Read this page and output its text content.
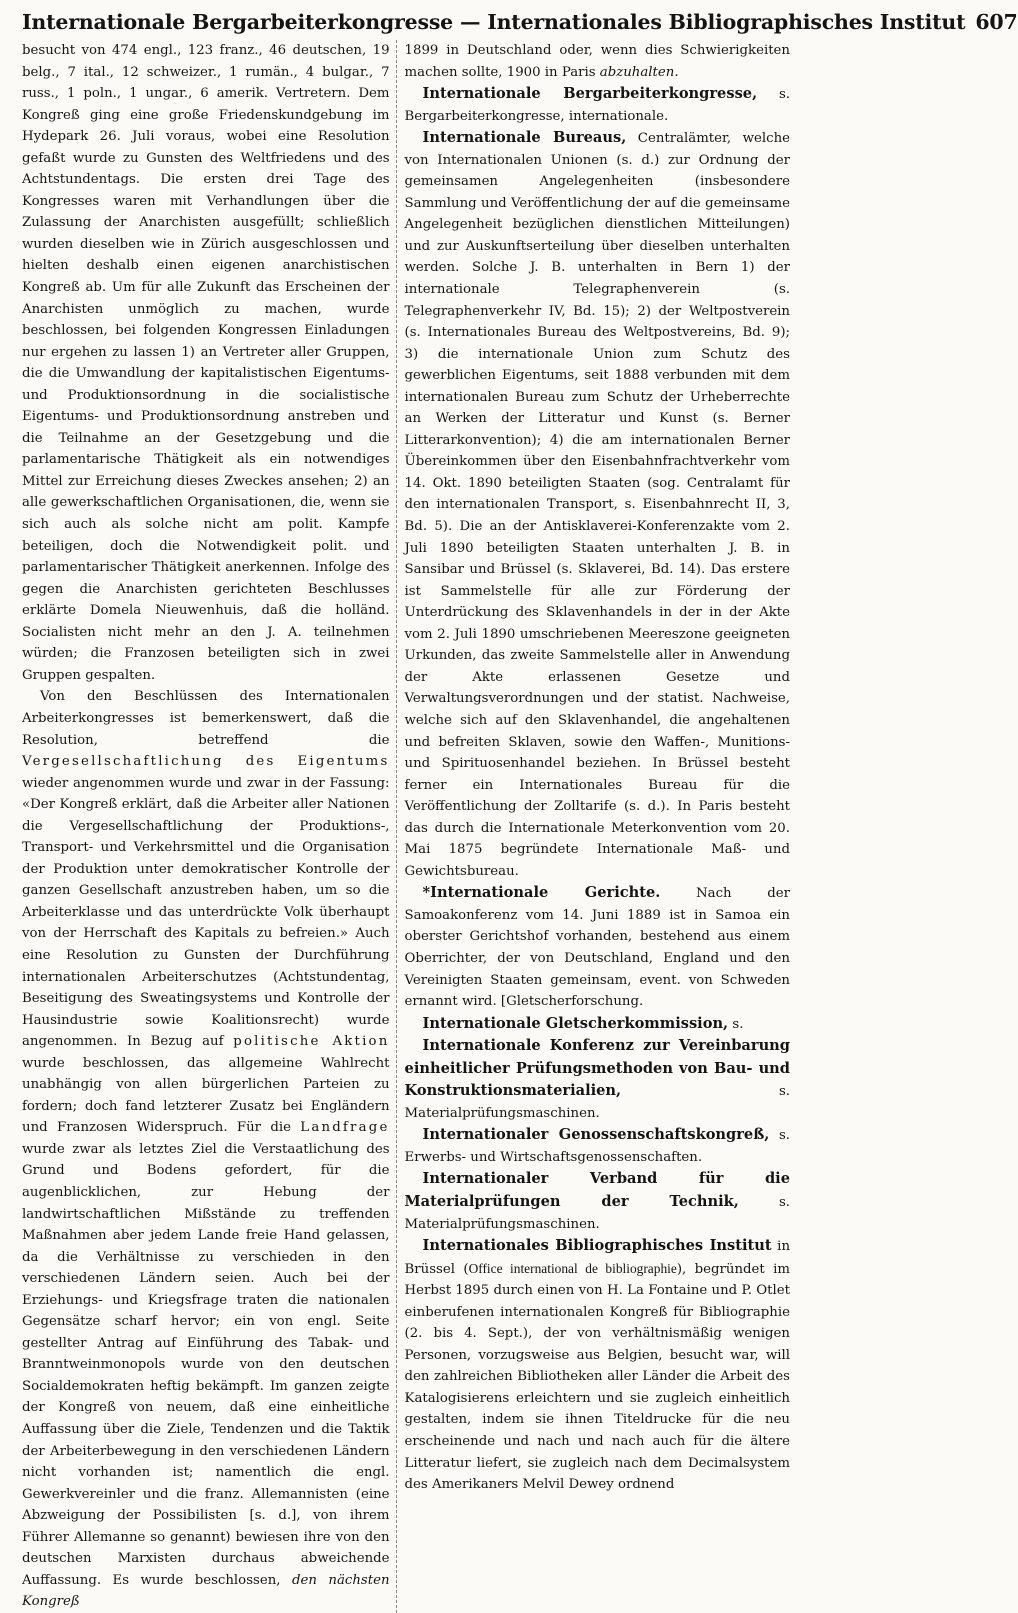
Internationale Bergarbeiterkongresse — Internationales Bibliographisches Institut 607

besucht von 474 engl., 123 franz., 46 deutschen, 19 belg., 7 ital., 12 schweizer., 1 rumän., 4 bulgar., 7 russ., 1 poln., 1 ungar., 6 amerik. Vertretern. Dem Kongreß ging eine große Friedenskundgebung im Hydepark 26. Juli voraus, wobei eine Resolution gefaßt wurde zu Gunsten des Weltfriedens und des Achtstundentags. Die ersten drei Tage des Kongresses waren mit Verhandlungen über die Zulassung der Anarchisten ausgefüllt; schließlich wurden dieselben wie in Zürich ausgeschlossen und hielten deshalb einen eigenen anarchistischen Kongreß ab. Um für alle Zukunft das Erscheinen der Anarchisten unmöglich zu machen, wurde beschlossen, bei folgenden Kongressen Einladungen nur ergehen zu lassen 1) an Vertreter aller Gruppen, die die Umwandlung der kapitalistischen Eigentums- und Produktionsordnung in die socialistische Eigentums- und Produktionsordnung anstreben und die Teilnahme an der Gesetzgebung und die parlamentarische Thätigkeit als ein notwendiges Mittel zur Erreichung dieses Zweckes ansehen; 2) an alle gewerkschaftlichen Organisationen, die, wenn sie sich auch als solche nicht am polit. Kampfe beteiligen, doch die Notwendigkeit polit. und parlamentarischer Thätigkeit anerkennen. Infolge des gegen die Anarchisten gerichteten Beschlusses erklärte Domela Nieuwenhuis, daß die holländ. Socialisten nicht mehr an den J. A. teilnehmen würden; die Franzosen beteiligten sich in zwei Gruppen gespalten.

Von den Beschlüssen des Internationalen Arbeiterkongresses ist bemerkenswert, daß die Resolution, betreffend die Vergesellschaftlichung des Eigentums wieder angenommen wurde und zwar in der Fassung: «Der Kongreß erklärt, daß die Arbeiter aller Nationen die Vergesellschaftlichung der Produktions-, Transport- und Verkehrsmittel und die Organisation der Produktion unter demokratischer Kontrolle der ganzen Gesellschaft anzustreben haben, um so die Arbeiterklasse und das unterdrückte Volk überhaupt von der Herrschaft des Kapitals zu befreien.» Auch eine Resolution zu Gunsten der Durchführung internationalen Arbeiterschutzes (Achtstundentag, Beseitigung des Sweatingsystems und Kontrolle der Hausindustrie sowie Koalitionsrecht) wurde angenommen. In Bezug auf politische Aktion wurde beschlossen, das allgemeine Wahlrecht unabhängig von allen bürgerlichen Parteien zu fordern; doch fand letzterer Zusatz bei Engländern und Franzosen Widerspruch. Für die Landfrage wurde zwar als letztes Ziel die Verstaatlichung des Grund und Bodens gefordert, für die augenblicklichen, zur Hebung der landwirtschaftlichen Mißstände zu treffenden Maßnahmen aber jedem Lande freie Hand gelassen, da die Verhältnisse zu verschieden in den verschiedenen Ländern seien. Auch bei der Erziehungs- und Kriegsfrage traten die nationalen Gegensätze scharf hervor; ein von engl. Seite gestellter Antrag auf Einführung des Tabak- und Branntweinmonopols wurde von den deutschen Socialdemokraten heftig bekämpft. Im ganzen zeigte der Kongreß von neuem, daß eine einheitliche Auffassung über die Ziele, Tendenzen und die Taktik der Arbeiterbewegung in den verschiedenen Ländern nicht vorhanden ist; namentlich die engl. Gewerkvereinler und die franz. Allemannisten (eine Abzweigung der Possibilisten [s. d.], von ihrem Führer Allemanne so genannt) bewiesen ihre von den deutschen Marxisten durchaus abweichende Auffassung. Es wurde beschlossen, den nächsten Kongreß

1899 in Deutschland oder, wenn dies Schwierigkeiten machen sollte, 1900 in Paris abzuhalten.

Internationale Bergarbeiterkongresse, s. Bergarbeiterkongresse, internationale.

Internationale Bureaus, Centralämter, welche von Internationalen Unionen (s. d.) zur Ordnung der gemeinsamen Angelegenheiten (insbesondere Sammlung und Veröffentlichung der auf die gemeinsame Angelegenheit bezüglichen dienstlichen Mitteilungen) und zur Auskunftserteilung über dieselben unterhalten werden. Solche J. B. unterhalten in Bern 1) der internationale Telegraphenverein (s. Telegraphenverkehr IV, Bd. 15); 2) der Weltpostverein (s. Internationales Bureau des Weltpostvereins, Bd. 9); 3) die internationale Union zum Schutz des gewerblichen Eigentums, seit 1888 verbunden mit dem internationalen Bureau zum Schutz der Urheberrechte an Werken der Litteratur und Kunst (s. Berner Litterarkonvention); 4) die am internationalen Berner Übereinkommen über den Eisenbahnfrachtverkehr vom 14. Okt. 1890 beteiligten Staaten (sog. Centralamt für den internationalen Transport, s. Eisenbahnrecht II, 3, Bd. 5). Die an der Antisklaverei-Konferenzakte vom 2. Juli 1890 beteiligten Staaten unterhalten J. B. in Sansibar und Brüssel (s. Sklaverei, Bd. 14). Das erstere ist Sammelstelle für alle zur Förderung der Unterdrückung des Sklavenhandels in der in der Akte vom 2. Juli 1890 umschriebenen Meereszone geeigneten Urkunden, das zweite Sammelstelle aller in Anwendung der Akte erlassenen Gesetze und Verwaltungsverordnungen und der statist. Nachweise, welche sich auf den Sklavenhandel, die angehaltenen und befreiten Sklaven, sowie den Waffen-, Munitions- und Spirituosenhandel beziehen. In Brüssel besteht ferner ein Internationales Bureau für die Veröffentlichung der Zolltarife (s. d.). In Paris besteht das durch die Internationale Meterkonvention vom 20. Mai 1875 begründete Internationale Maß- und Gewichtsbureau.

*Internationale Gerichte. Nach der Samoakonferenz vom 14. Juni 1889 ist in Samoa ein oberster Gerichtshof vorhanden, bestehend aus einem Oberrichter, der von Deutschland, England und den Vereinigten Staaten gemeinsam, event. von Schweden ernannt wird. [Gletscherforschung.

Internationale Gletscherkommission, s.

Internationale Konferenz zur Vereinbarung einheitlicher Prüfungsmethoden von Bau- und Konstruktionsmaterialien, s. Materialprüfungsmaschinen.

Internationaler Genossenschaftskongreß, s. Erwerbs- und Wirtschaftsgenossenschaften.

Internationaler Verband für die Materialprüfungen der Technik, s. Materialprüfungsmaschinen.

Internationales Bibliographisches Institut in Brüssel (Office international de bibliographie), begründet im Herbst 1895 durch einen von H. La Fontaine und P. Otlet einberufenen internationalen Kongreß für Bibliographie (2. bis 4. Sept.), der von verhältnismäßig wenigen Personen, vorzugsweise aus Belgien, besucht war, will den zahlreichen Bibliotheken aller Länder die Arbeit des Katalogisierens erleichtern und sie zugleich einheitlich gestalten, indem sie ihnen Titeldrucke für die neu erscheinende und nach und nach auch für die ältere Litteratur liefert, sie zugleich nach dem Decimalsystem des Amerikaners Melvil Dewey ordnend
